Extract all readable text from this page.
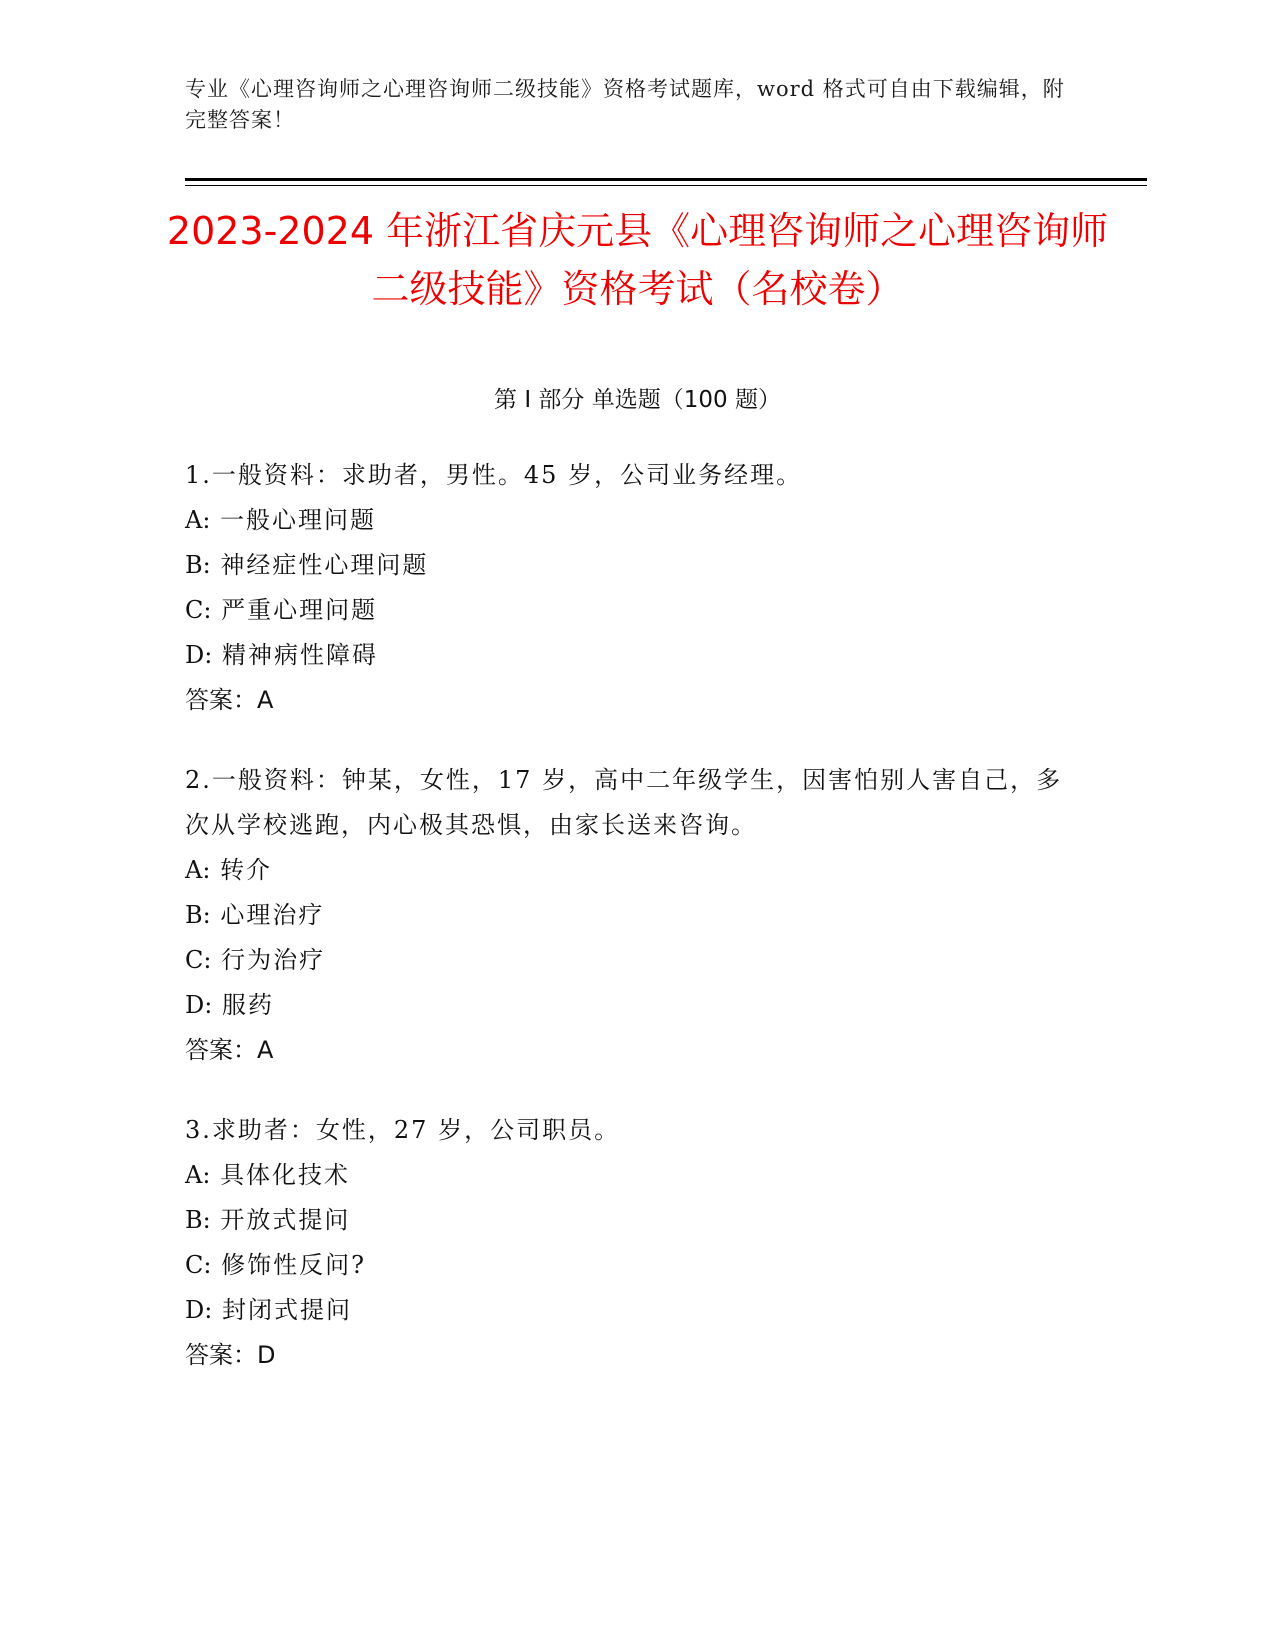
专业《心理咨询师之心理咨询师二级技能》资格考试题库，word 格式可自由下载编辑，附完整答案！
2023-2024 年浙江省庆元县《心理咨询师之心理咨询师二级技能》资格考试（名校卷）
第 I 部分 单选题（100 题）
1.一般资料：求助者，男性。45 岁，公司业务经理。
A: 一般心理问题
B: 神经症性心理问题
C: 严重心理问题
D: 精神病性障碍
答案：A
2.一般资料：钟某，女性，17 岁，高中二年级学生，因害怕别人害自己，多次从学校逃跑，内心极其恐惧，由家长送来咨询。
A: 转介
B: 心理治疗
C: 行为治疗
D: 服药
答案：A
3.求助者：女性，27 岁，公司职员。
A: 具体化技术
B: 开放式提问
C: 修饰性反问?
D: 封闭式提问
答案：D
